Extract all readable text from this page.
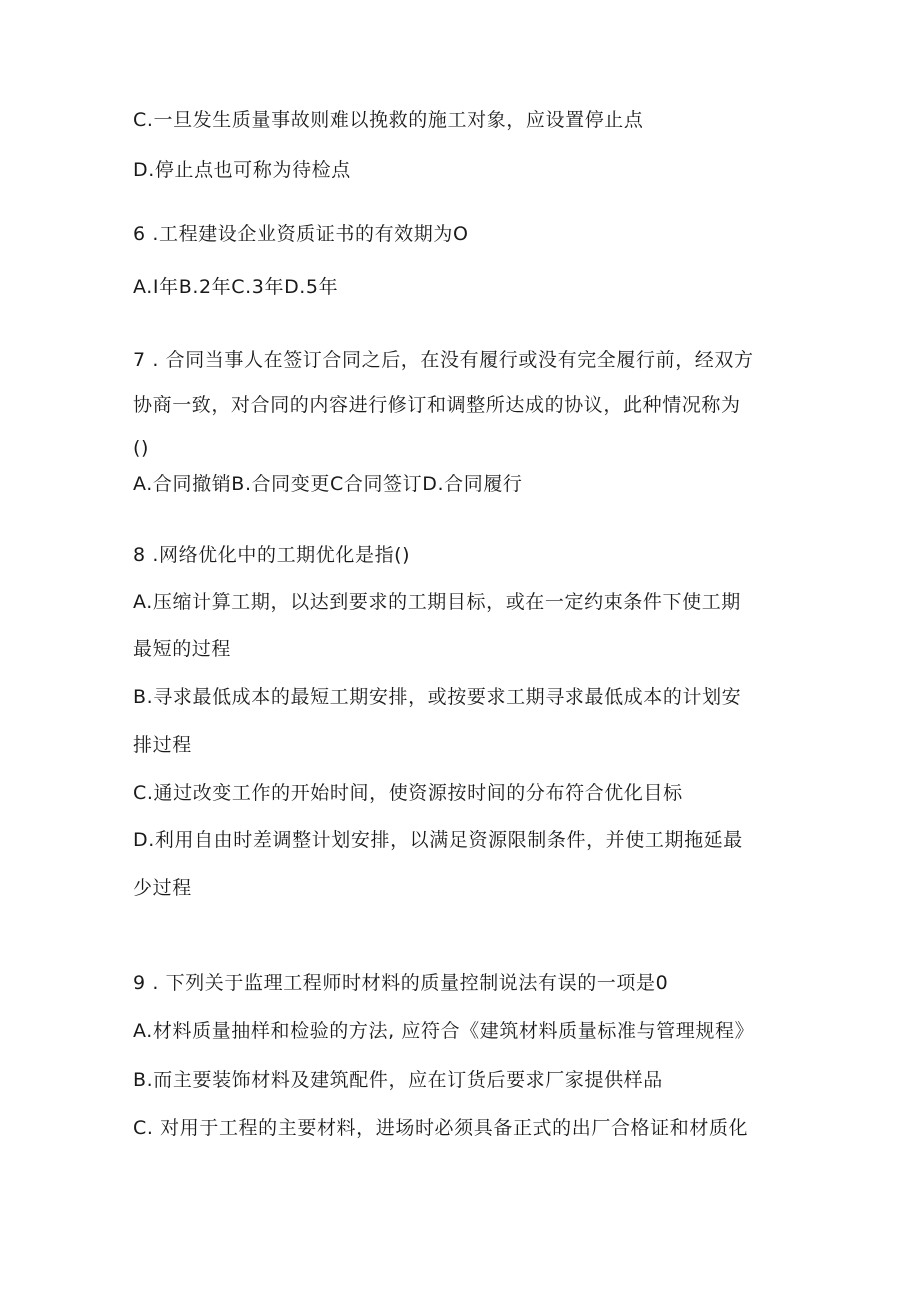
C.一旦发生质量事故则难以挽救的施工对象，应设置停止点

D.停止点也可称为待检点

6 .工程建设企业资质证书的有效期为O

A.I年B.2年C.3年D.5年

7 . 合同当事人在签订合同之后，在没有履行或没有完全履行前，经双方

协商一致，对合同的内容进行修订和调整所达成的协议，此种情况称为

()

A.合同撤销B.合同变更C合同签订D.合同履行

8 .网络优化中的工期优化是指()

A.压缩计算工期，以达到要求的工期目标，或在一定约束条件下使工期

最短的过程

B.寻求最低成本的最短工期安排，或按要求工期寻求最低成本的计划安

排过程

C.通过改变工作的开始时间，使资源按时间的分布符合优化目标

D.利用自由时差调整计划安排，以满足资源限制条件，并使工期拖延最

少过程

9 . 下列关于监理工程师时材料的质量控制说法有误的一项是0

A.材料质量抽样和检验的方法, 应符合《建筑材料质量标准与管理规程》

B.而主要装饰材料及建筑配件，应在订货后要求厂家提供样品

C. 对用于工程的主要材料，进场时必须具备正式的出厂合格证和材质化
